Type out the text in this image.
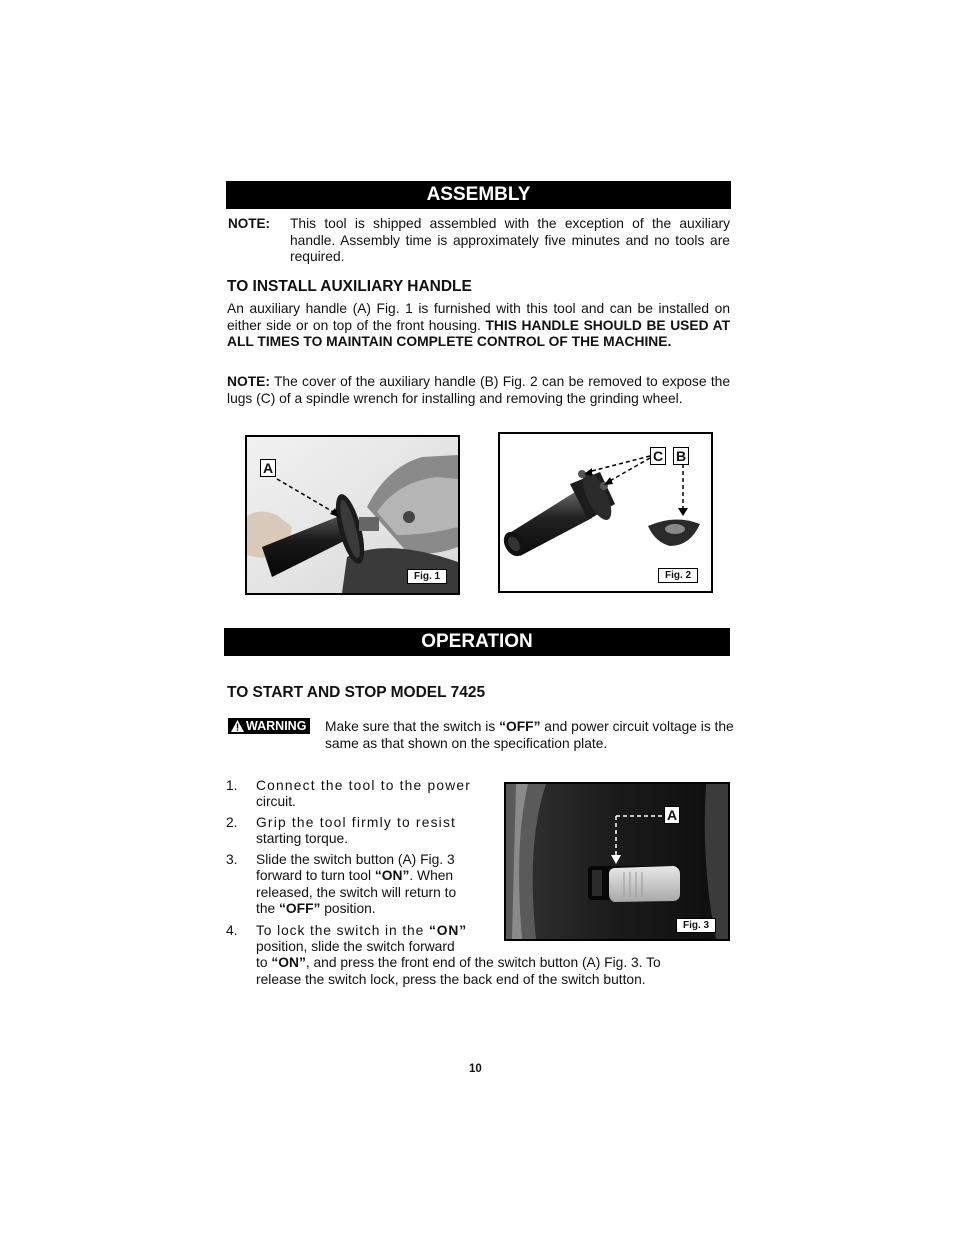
ASSEMBLY
NOTE: This tool is shipped assembled with the exception of the auxiliary handle. Assembly time is approximately five minutes and no tools are required.
TO INSTALL AUXILIARY HANDLE
An auxiliary handle (A) Fig. 1 is furnished with this tool and can be installed on either side or on top of the front housing. THIS HANDLE SHOULD BE USED AT ALL TIMES TO MAINTAIN COMPLETE CONTROL OF THE MACHINE.
NOTE: The cover of the auxiliary handle (B) Fig. 2 can be removed to expose the lugs (C) of a spindle wrench for installing and removing the grinding wheel.
A
Fig. 1
C B
Fig. 2
OPERATION
TO START AND STOP MODEL 7425
WARNING Make sure that the switch is “OFF” and power circuit voltage is the same as that shown on the specification plate.
1. Connect the tool to the power
circuit.
2. Grip the tool firmly to resist
starting torque.
3. Slide the switch button (A) Fig. 3
forward to turn tool “ON”. When
released, the switch will return to
the “OFF” position.
4. To lock the switch in the “ON”
position, slide the switch forward
to “ON”, and press the front end of the switch button (A) Fig. 3. To
release the switch lock, press the back end of the switch button.
A
Fig. 3
10
